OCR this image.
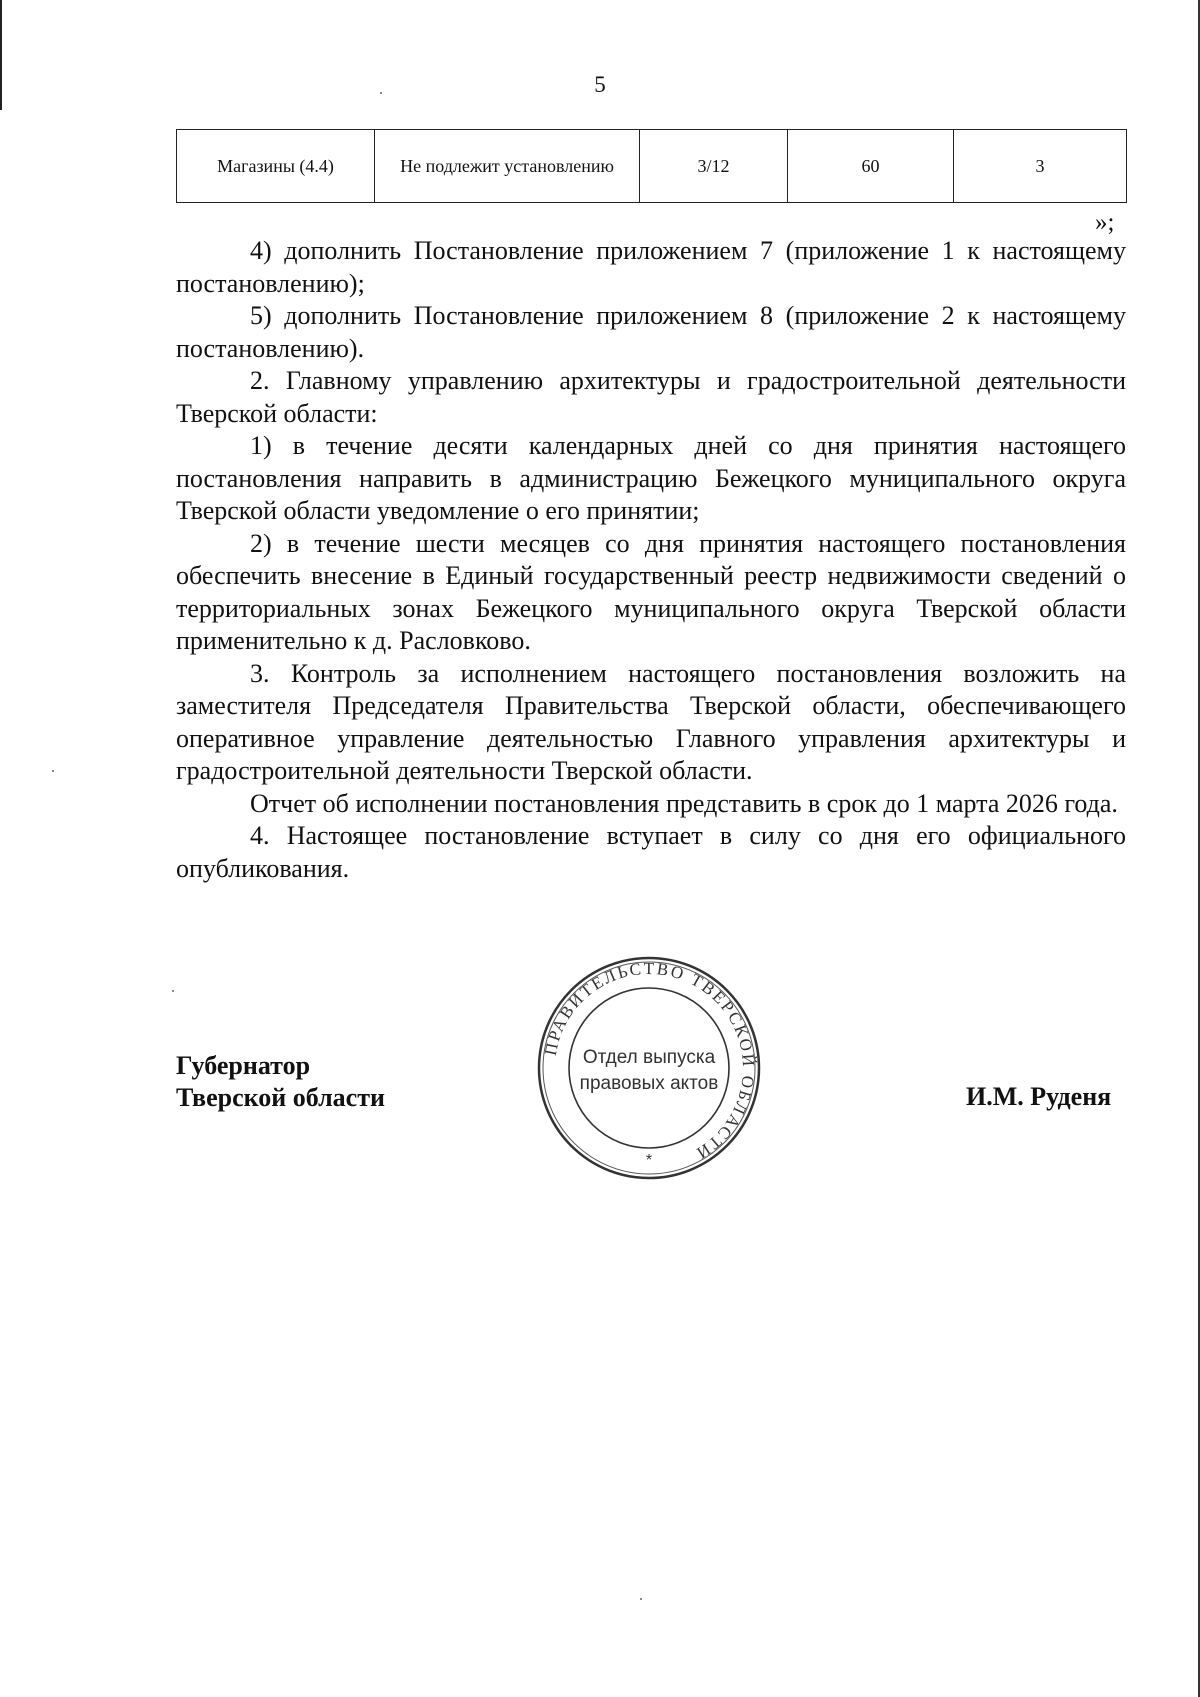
5
Магазины (4.4)	Не подлежит установлению	3/12	60	3
»;

4) дополнить Постановление приложением 7 (приложение 1 к настоящему постановлению);

5) дополнить Постановление приложением 8 (приложение 2 к настоящему постановлению).

2. Главному управлению архитектуры и градостроительной деятельности Тверской области:

1) в течение десяти календарных дней со дня принятия настоящего постановления направить в администрацию Бежецкого муниципального округа Тверской области уведомление о его принятии;

2) в течение шести месяцев со дня принятия настоящего постановления обеспечить внесение в Единый государственный реестр недвижимости сведений о территориальных зонах Бежецкого муниципального округа Тверской области применительно к д. Расловково.

3. Контроль за исполнением настоящего постановления возложить на заместителя Председателя Правительства Тверской области, обеспечивающего оперативное управление деятельностью Главного управления архитектуры и градостроительной деятельности Тверской области.

Отчет об исполнении постановления представить в срок до 1 марта 2026 года.

4. Настоящее постановление вступает в силу со дня его официального опубликования.

Губернатор
Тверской области	И.М. Руденя
ПРАВИТЕЛЬСТВО ТВЕРСКОЙ ОБЛАСТИ
Отдел выпуска
правовых актов
*
